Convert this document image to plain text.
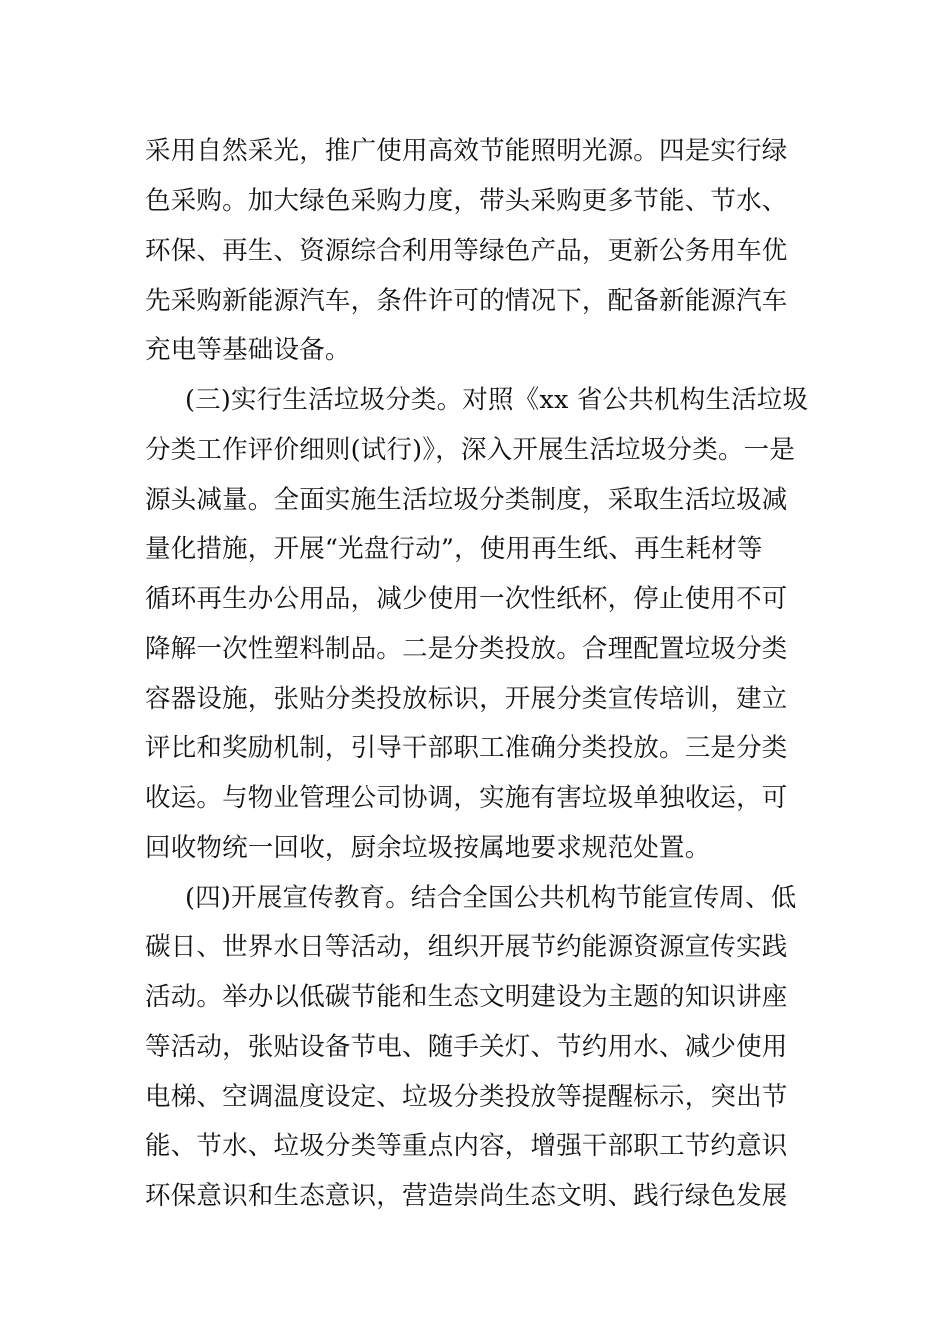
采用自然采光，推广使用高效节能照明光源。四是实行绿
色采购。加大绿色采购力度，带头采购更多节能、节水、
环保、再生、资源综合利用等绿色产品，更新公务用车优
先采购新能源汽车，条件许可的情况下，配备新能源汽车
充电等基础设备。
(三)实行生活垃圾分类。对照《xx 省公共机构生活垃圾
分类工作评价细则(试行)》，深入开展生活垃圾分类。一是
源头减量。全面实施生活垃圾分类制度，采取生活垃圾减
量化措施，开展“光盘行动”，使用再生纸、再生耗材等
循环再生办公用品，减少使用一次性纸杯，停止使用不可
降解一次性塑料制品。二是分类投放。合理配置垃圾分类
容器设施，张贴分类投放标识，开展分类宣传培训，建立
评比和奖励机制，引导干部职工准确分类投放。三是分类
收运。与物业管理公司协调，实施有害垃圾单独收运，可
回收物统一回收，厨余垃圾按属地要求规范处置。
(四)开展宣传教育。结合全国公共机构节能宣传周、低
碳日、世界水日等活动，组织开展节约能源资源宣传实践
活动。举办以低碳节能和生态文明建设为主题的知识讲座
等活动，张贴设备节电、随手关灯、节约用水、减少使用
电梯、空调温度设定、垃圾分类投放等提醒标示，突出节
能、节水、垃圾分类等重点内容，增强干部职工节约意识
环保意识和生态意识，营造崇尚生态文明、践行绿色发展
